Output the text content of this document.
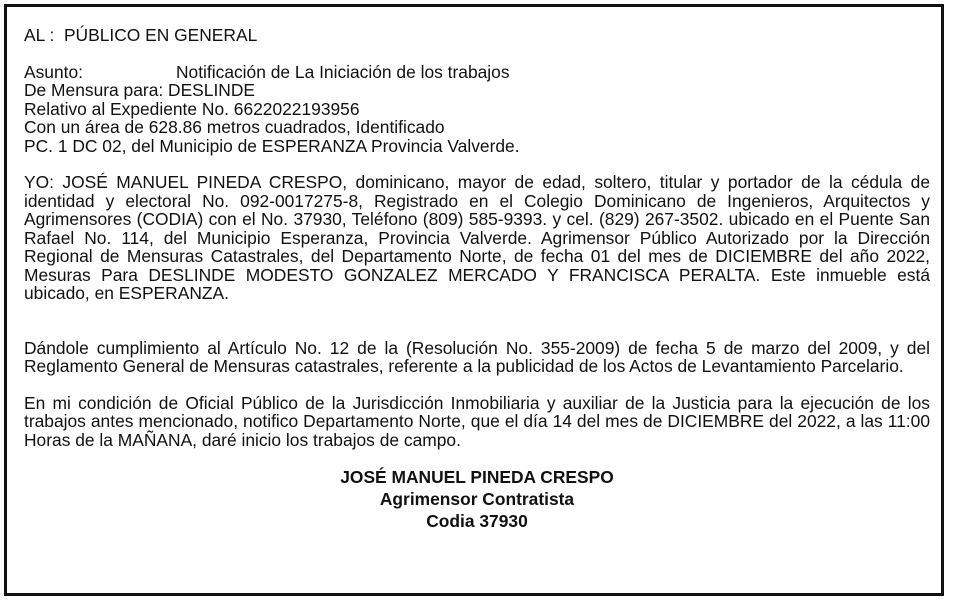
AL :  PÚBLICO EN GENERAL
Asunto:	Notificación de La Iniciación de los trabajos
De Mensura para: DESLINDE
Relativo al Expediente No. 6622022193956
Con un área de 628.86 metros cuadrados, Identificado
PC. 1 DC 02, del Municipio de ESPERANZA Provincia Valverde.
YO: JOSÉ MANUEL PINEDA CRESPO, dominicano, mayor de edad, soltero, titular y portador de la cédula de identidad y electoral No. 092-0017275-8, Registrado en el Colegio Dominicano de Ingenieros, Arquitectos y Agrimensores (CODIA) con el No. 37930, Teléfono (809) 585-9393. y cel. (829) 267-3502. ubicado en el Puente San Rafael No. 114, del Municipio Esperanza, Provincia Valverde. Agrimensor Público Autorizado por la Dirección Regional de Mensuras Catastrales, del Departamento Norte, de fecha 01 del mes de DICIEMBRE del año 2022, Mesuras Para DESLINDE MODESTO GONZALEZ MERCADO Y FRANCISCA PERALTA. Este inmueble está ubicado, en ESPERANZA.
Dándole cumplimiento al Artículo No. 12 de la (Resolución No. 355-2009) de fecha 5 de marzo del 2009, y del Reglamento General de Mensuras catastrales, referente a la publicidad de los Actos de Levantamiento Parcelario.
En mi condición de Oficial Público de la Jurisdicción Inmobiliaria y auxiliar de la Justicia para la ejecución de los trabajos antes mencionado, notifico Departamento Norte, que el día 14 del mes de DICIEMBRE del 2022, a las 11:00 Horas de la MAÑANA, daré inicio los trabajos de campo.
JOSÉ MANUEL PINEDA CRESPO
Agrimensor Contratista
Codia 37930
